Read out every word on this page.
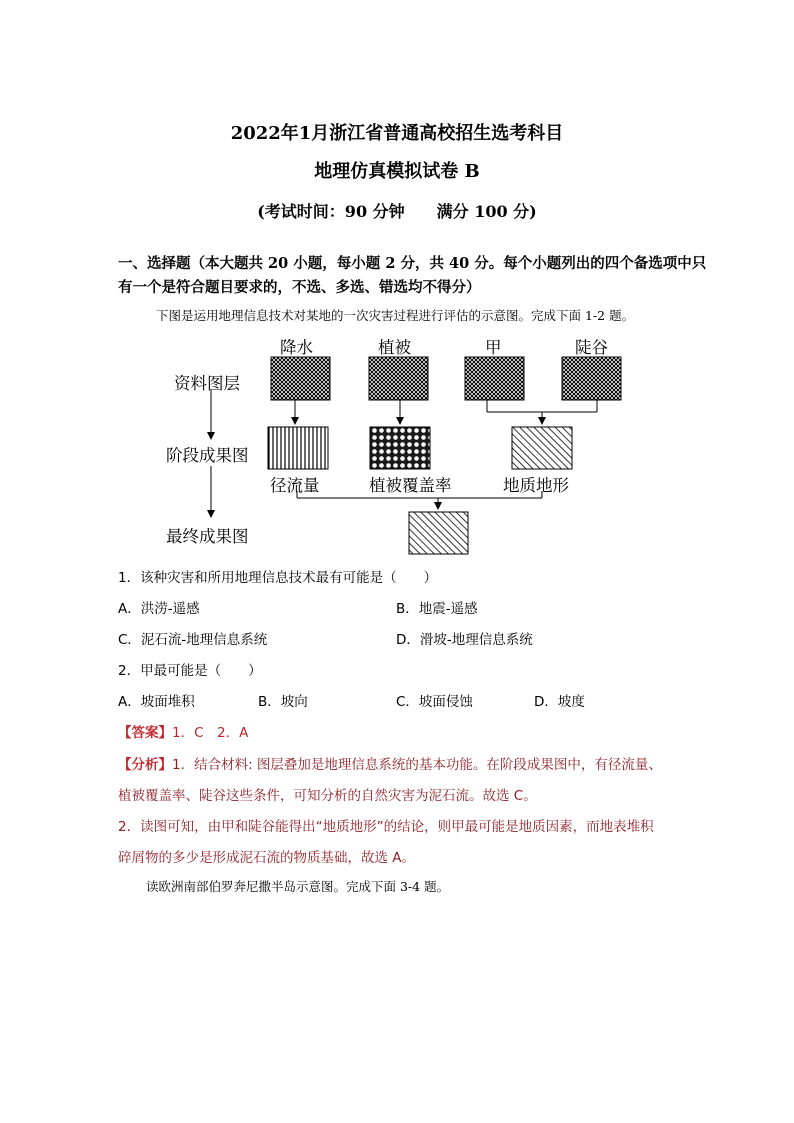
2022年1月浙江省普通高校招生选考科目
地理仿真模拟试卷 B
(考试时间：90 分钟　　满分 100 分)
一、选择题（本大题共 20 小题，每小题 2 分，共 40 分。每个小题列出的四个备选项中只
有一个是符合题目要求的，不选、多选、错选均不得分）
下图是运用地理信息技术对某地的一次灾害过程进行评估的示意图。完成下面 1-2 题。
降水	植被	甲	陡谷
资料图层
阶段成果图
最终成果图
径流量	植被覆盖率	地质地形
1．该种灾害和所用地理信息技术最有可能是（　　）
A．洪涝-遥感	B．地震-遥感
C．泥石流-地理信息系统	D．滑坡-地理信息系统
2．甲最可能是（　　）
A．坡面堆积	B．坡向	C．坡面侵蚀	D．坡度
【答案】1．C　2．A
【分析】1．结合材料: 图层叠加是地理信息系统的基本功能。在阶段成果图中，有径流量、
植被覆盖率、陡谷这些条件，可知分析的自然灾害为泥石流。故选 C。
2．读图可知，由甲和陡谷能得出“地质地形”的结论，则甲最可能是地质因素，而地表堆积
碎屑物的多少是形成泥石流的物质基础，故选 A。
读欧洲南部伯罗奔尼撒半岛示意图。完成下面 3-4 题。
